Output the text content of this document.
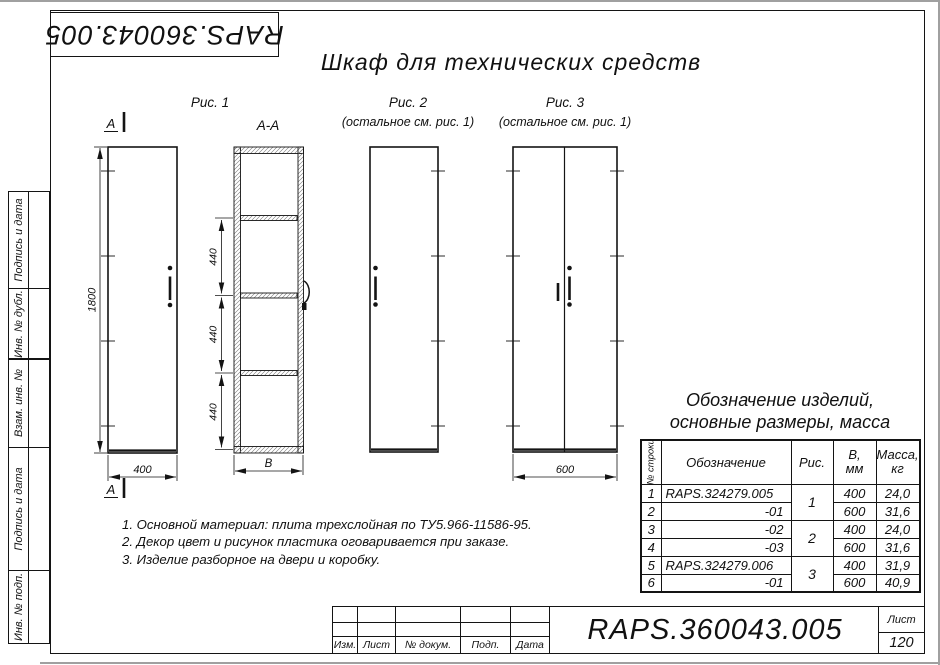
RAPS.360043.005
Шкаф для технических средств
Рис. 1	Рис. 2	Рис. 3
(остальное см. рис. 1) (остальное см. рис. 1)
А-А
А
А
1800
400
440
440
440
В	600
1. Основной материал: плита трехслойная по ТУ5.966-11586-95.
2. Декор цвет и рисунок пластика оговаривается при заказе.
3. Изделие разборное на двери и коробку.
Обозначение изделий,
основные размеры, масса
№ строки	Обозначение	Рис.	В,
мм	Масса,
кг

1	RAPS.324279.005	1	400	24,0
2	-01		600	31,6
3	-02	2	400	24,0
4	-03		600	31,6
5	RAPS.324279.006	3	400	31,9
6	-01		600	40,9
Подпись и дата
Инв. № дубл.
Взам. инв. №
Подпись и дата
Инв. № подп.
Изм. Лист	№ докум.	Подп.	Дата	RAPS.360043.005	Лист
120
